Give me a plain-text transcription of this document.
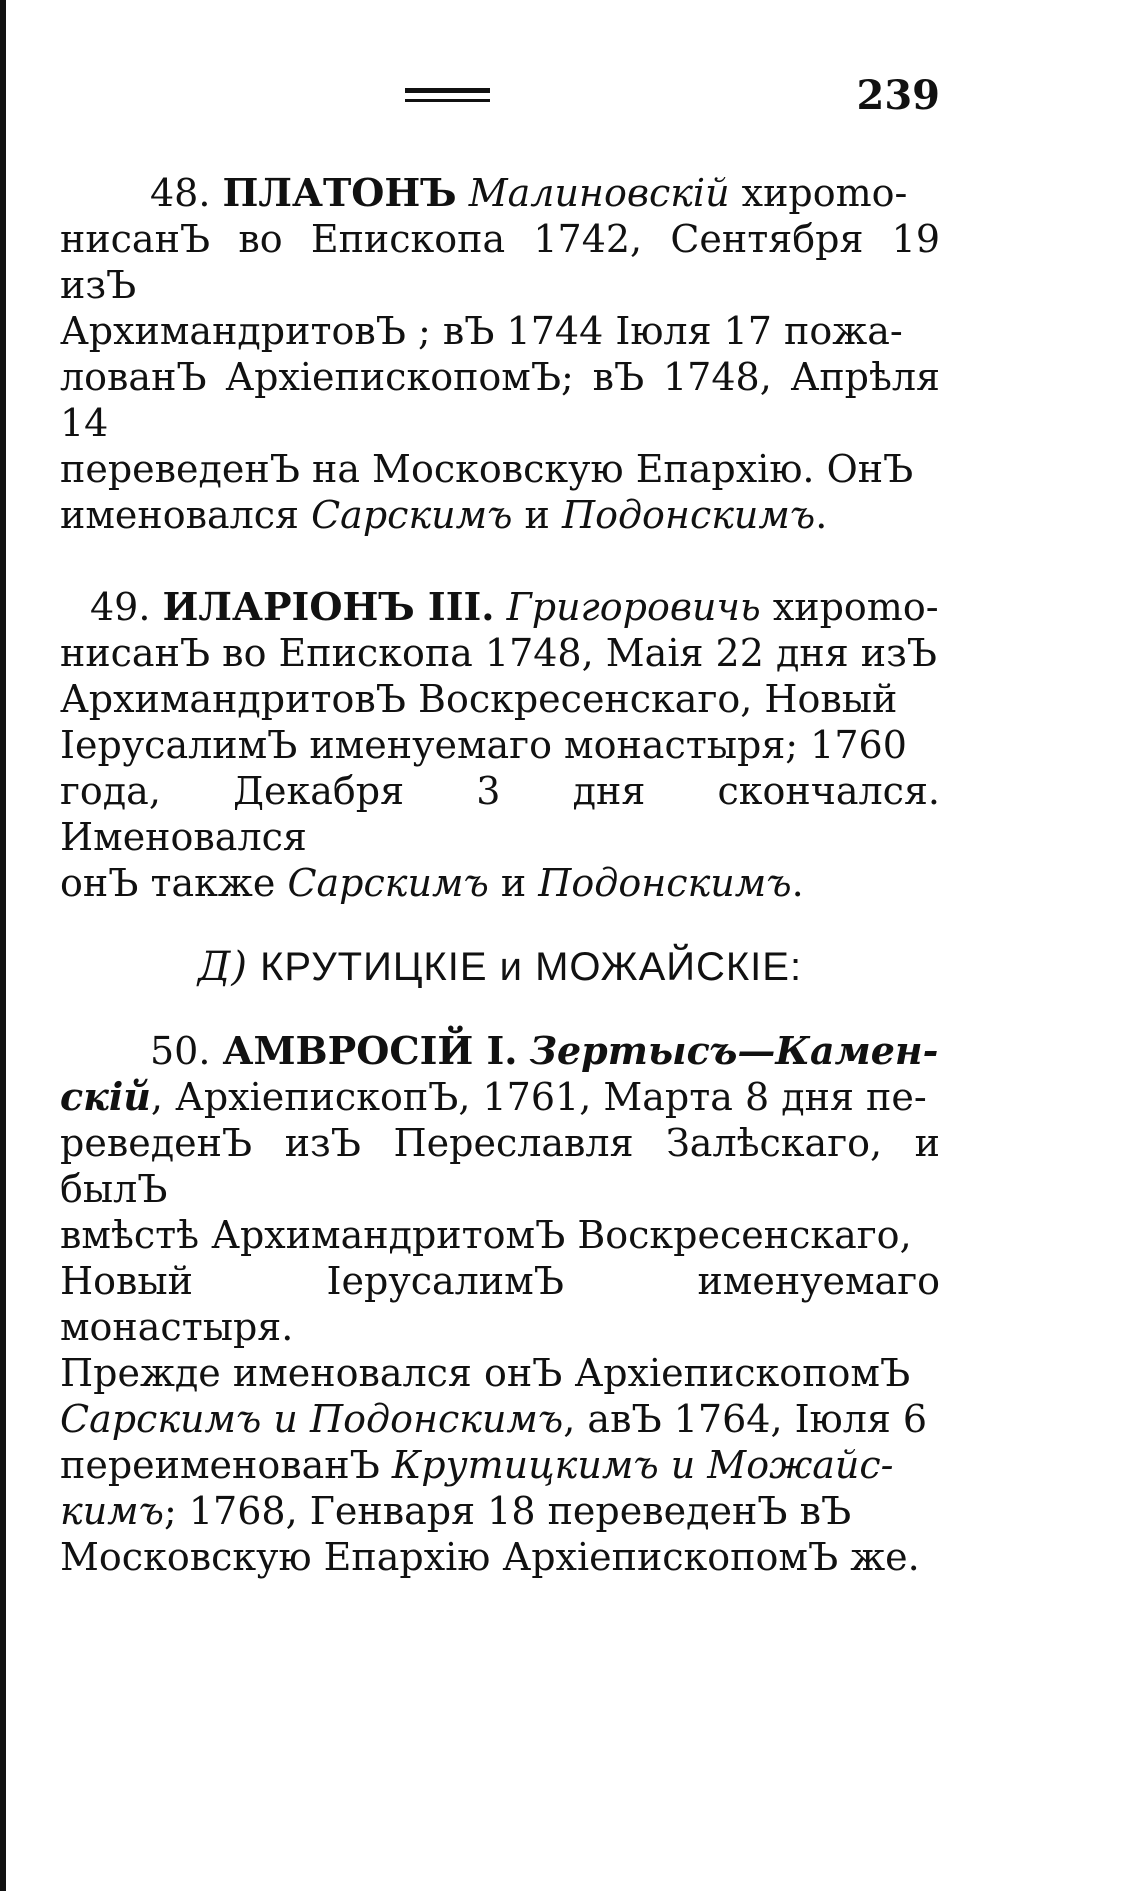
239

48. ПЛАТОНЪ Малиновскій хироmо-
нисанЪ во Епископа 1742, Сентября 19 изЪ
АрхимандритовЪ ; вЪ 1744 Іюля 17 пожа-
лованЪ АрхіепископомЪ; вЪ 1748, Апрѣля 14
переведенЪ на Московскую Епархію. ОнЪ
именовался Сарскимъ и Подонскимъ.

49. ИЛАРІОНЪ III. Григоровичь хироmо-
нисанЪ во Епископа 1748, Маія 22 дня изЪ
АрхимандритовЪ Воскресенскаго, Новый
ІерусалимЪ именуемаго монастыря; 1760
года, Декабря 3 дня скончался. Именовался
онЪ также Сарскимъ и Подонскимъ.

Д) КРУТИЦКІЕ и МОЖАЙСКІЕ:

50. АМВРОСІЙ I. Зертысъ—Камен-
скій, АрхіепископЪ, 1761, Марта 8 дня пе-
реведенЪ изЪ Переславля Залѣскаго, и былЪ
вмѣстѣ АрхимандритомЪ Воскресенскаго,
Новый ІерусалимЪ именуемаго монастыря.
Прежде именовался онЪ АрхіепископомЪ
Сарскимъ и Подонскимъ, авЪ 1764, Іюля 6
переименованЪ Крутицкимъ и Можайс-
кимъ; 1768, Генваря 18 переведенЪ вЪ
Московскую Епархію АрхіепископомЪ же.
